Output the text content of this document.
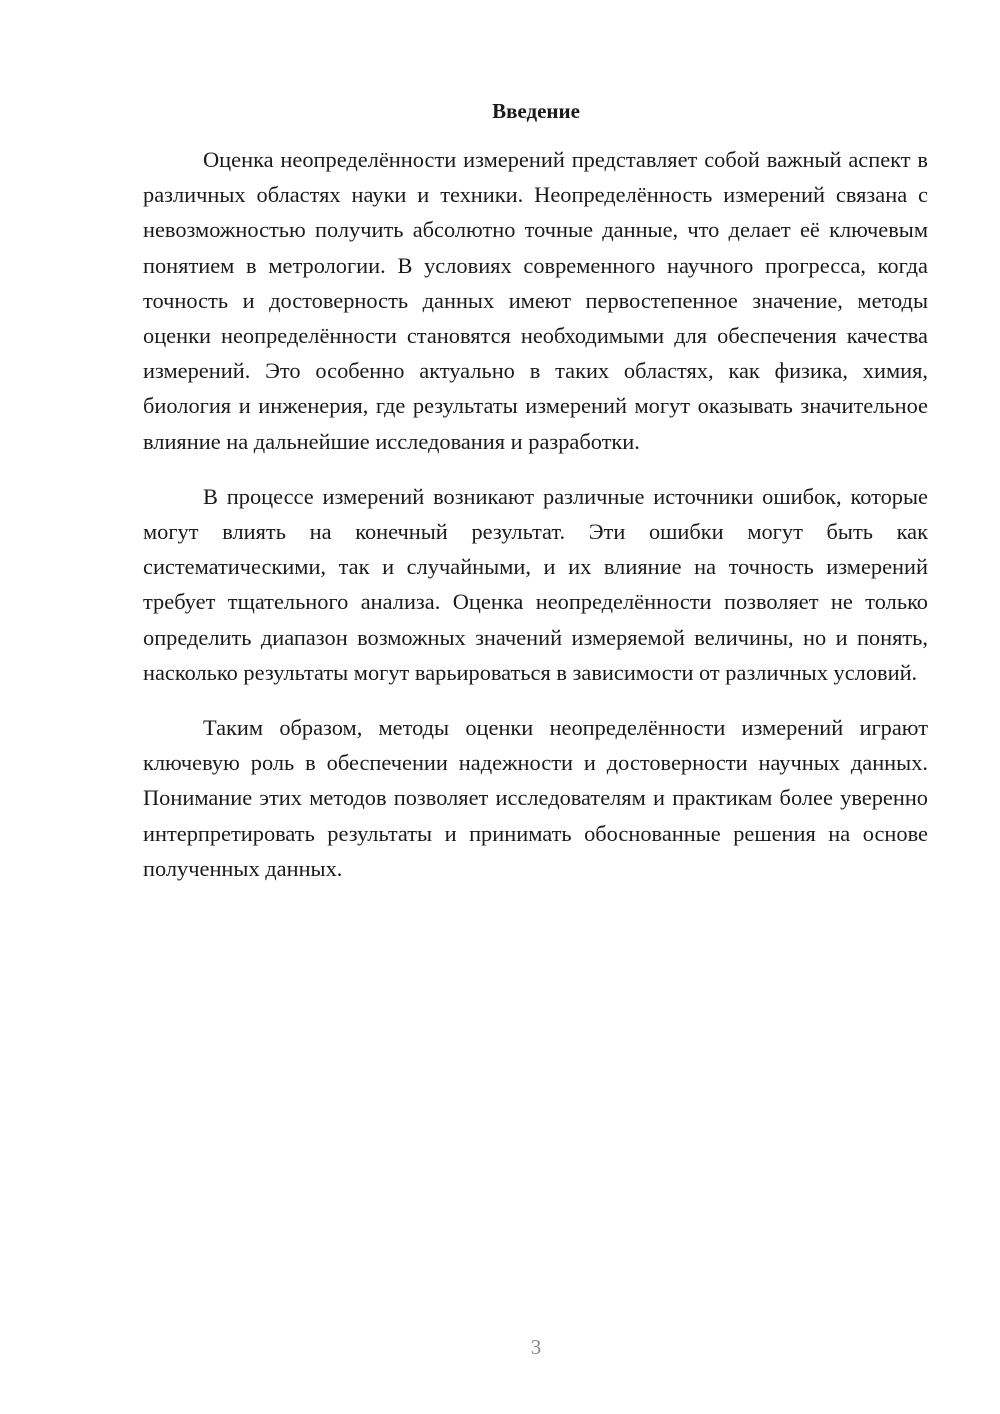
Введение

Оценка неопределённости измерений представляет собой важный аспект в различных областях науки и техники. Неопределённость измерений связана с невозможностью получить абсолютно точные данные, что делает её ключевым понятием в метрологии. В условиях современного научного прогресса, когда точность и достоверность данных имеют первостепенное значение, методы оценки неопределённости становятся необходимыми для обеспечения качества измерений. Это особенно актуально в таких областях, как физика, химия, биология и инженерия, где результаты измерений могут оказывать значительное влияние на дальнейшие исследования и разработки.

В процессе измерений возникают различные источники ошибок, которые могут влиять на конечный результат. Эти ошибки могут быть как систематическими, так и случайными, и их влияние на точность измерений требует тщательного анализа. Оценка неопределённости позволяет не только определить диапазон возможных значений измеряемой величины, но и понять, насколько результаты могут варьироваться в зависимости от различных условий.

Таким образом, методы оценки неопределённости измерений играют ключевую роль в обеспечении надежности и достоверности научных данных. Понимание этих методов позволяет исследователям и практикам более уверенно интерпретировать результаты и принимать обоснованные решения на основе полученных данных.

3
